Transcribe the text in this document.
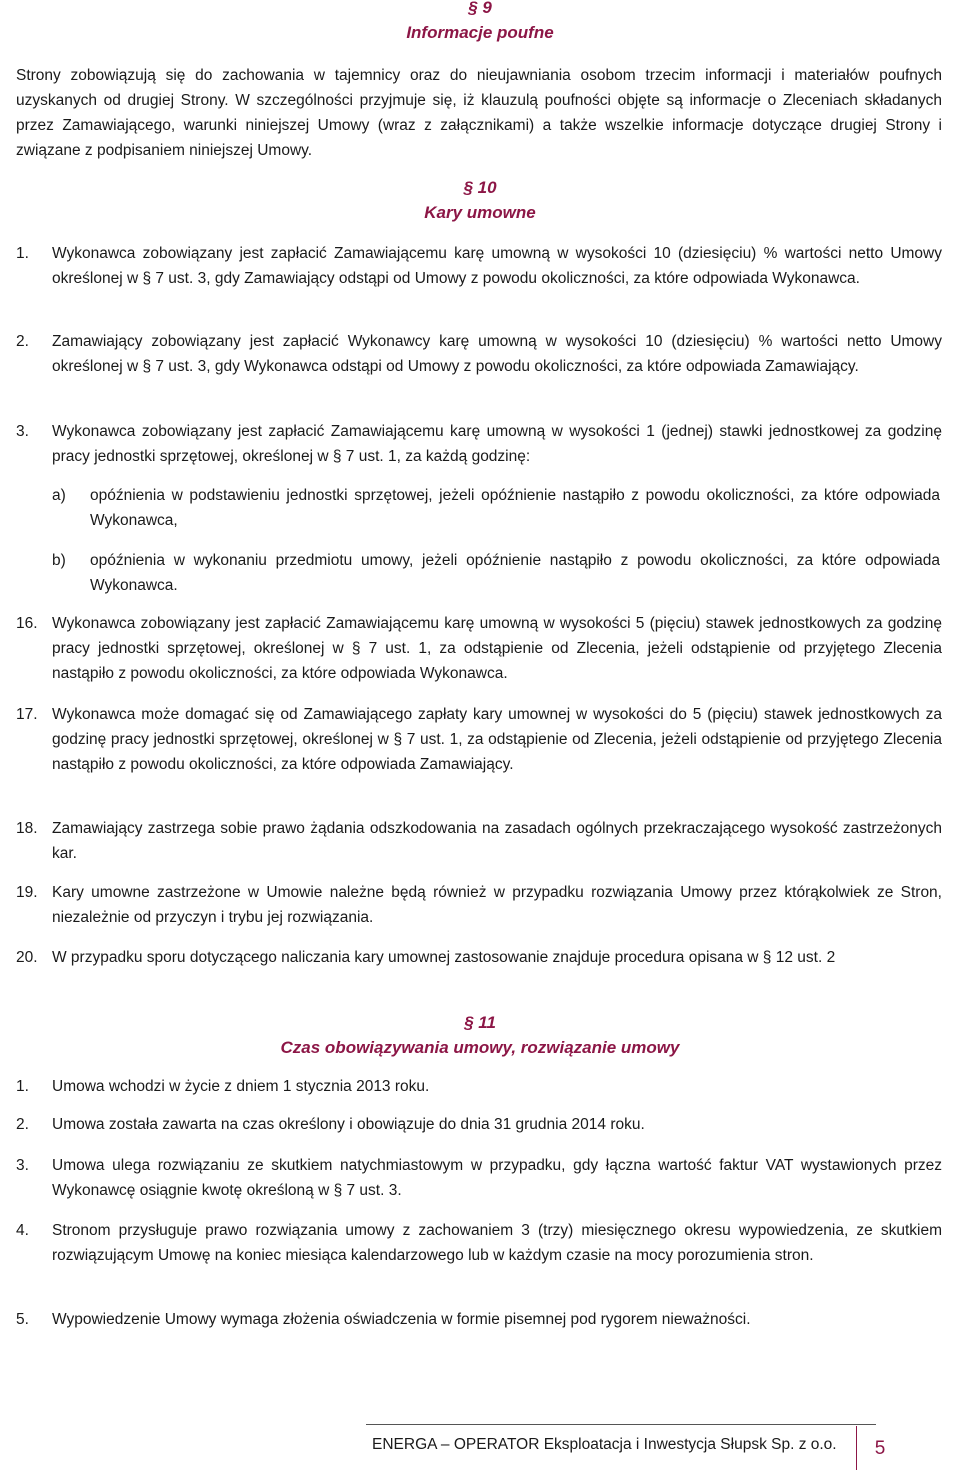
§ 9
Informacje poufne
Strony zobowiązują się do zachowania w tajemnicy oraz do nieujawniania osobom trzecim informacji i materiałów poufnych uzyskanych od drugiej Strony. W szczególności przyjmuje się, iż klauzulą poufności objęte są informacje o Zleceniach składanych przez Zamawiającego, warunki niniejszej Umowy (wraz z załącznikami) a także wszelkie informacje dotyczące drugiej Strony i związane z podpisaniem niniejszej Umowy.
§ 10
Kary umowne
1. Wykonawca zobowiązany jest zapłacić Zamawiającemu karę umowną w wysokości 10 (dziesięciu) % wartości netto Umowy określonej w § 7 ust. 3, gdy Zamawiający odstąpi od Umowy z powodu okoliczności, za które odpowiada Wykonawca.
2. Zamawiający zobowiązany jest zapłacić Wykonawcy karę umowną w wysokości 10 (dziesięciu) % wartości netto Umowy określonej w § 7 ust. 3, gdy Wykonawca odstąpi od Umowy z powodu okoliczności, za które odpowiada Zamawiający.
3. Wykonawca zobowiązany jest zapłacić Zamawiającemu karę umowną w wysokości 1 (jednej) stawki jednostkowej za godzinę pracy jednostki sprzętowej, określonej w § 7 ust. 1, za każdą godzinę:
a) opóźnienia w podstawieniu jednostki sprzętowej, jeżeli opóźnienie nastąpiło z powodu okoliczności, za które odpowiada Wykonawca,
b) opóźnienia w wykonaniu przedmiotu umowy, jeżeli opóźnienie nastąpiło z powodu okoliczności, za które odpowiada Wykonawca.
16. Wykonawca zobowiązany jest zapłacić Zamawiającemu karę umowną w wysokości 5 (pięciu) stawek jednostkowych za godzinę pracy jednostki sprzętowej, określonej w § 7 ust. 1, za odstąpienie od Zlecenia, jeżeli odstąpienie od przyjętego Zlecenia nastąpiło z powodu okoliczności, za które odpowiada Wykonawca.
17. Wykonawca może domagać się od Zamawiającego zapłaty kary umownej w wysokości do 5 (pięciu) stawek jednostkowych za godzinę pracy jednostki sprzętowej, określonej w § 7 ust. 1, za odstąpienie od Zlecenia, jeżeli odstąpienie od przyjętego Zlecenia nastąpiło z powodu okoliczności, za które odpowiada Zamawiający.
18. Zamawiający zastrzega sobie prawo żądania odszkodowania na zasadach ogólnych przekraczającego wysokość zastrzeżonych kar.
19. Kary umowne zastrzeżone w Umowie należne będą również w przypadku rozwiązania Umowy przez którąkolwiek ze Stron, niezależnie od przyczyn i trybu jej rozwiązania.
20. W przypadku sporu dotyczącego naliczania kary umownej zastosowanie znajduje procedura opisana w § 12 ust. 2
§ 11
Czas obowiązywania umowy, rozwiązanie umowy
1. Umowa wchodzi w życie z dniem 1 stycznia 2013 roku.
2. Umowa została zawarta na czas określony i obowiązuje do dnia 31 grudnia 2014 roku.
3. Umowa ulega rozwiązaniu ze skutkiem natychmiastowym w przypadku, gdy łączna wartość faktur VAT wystawionych przez Wykonawcę osiągnie kwotę określoną w § 7 ust. 3.
4. Stronom przysługuje prawo rozwiązania umowy z zachowaniem 3 (trzy) miesięcznego okresu wypowiedzenia, ze skutkiem rozwiązującym Umowę na koniec miesiąca kalendarzowego lub w każdym czasie na mocy porozumienia stron.
5. Wypowiedzenie Umowy wymaga złożenia oświadczenia w formie pisemnej pod rygorem nieważności.
ENERGA – OPERATOR Eksploatacja i Inwestycja Słupsk Sp. z o.o.	5
